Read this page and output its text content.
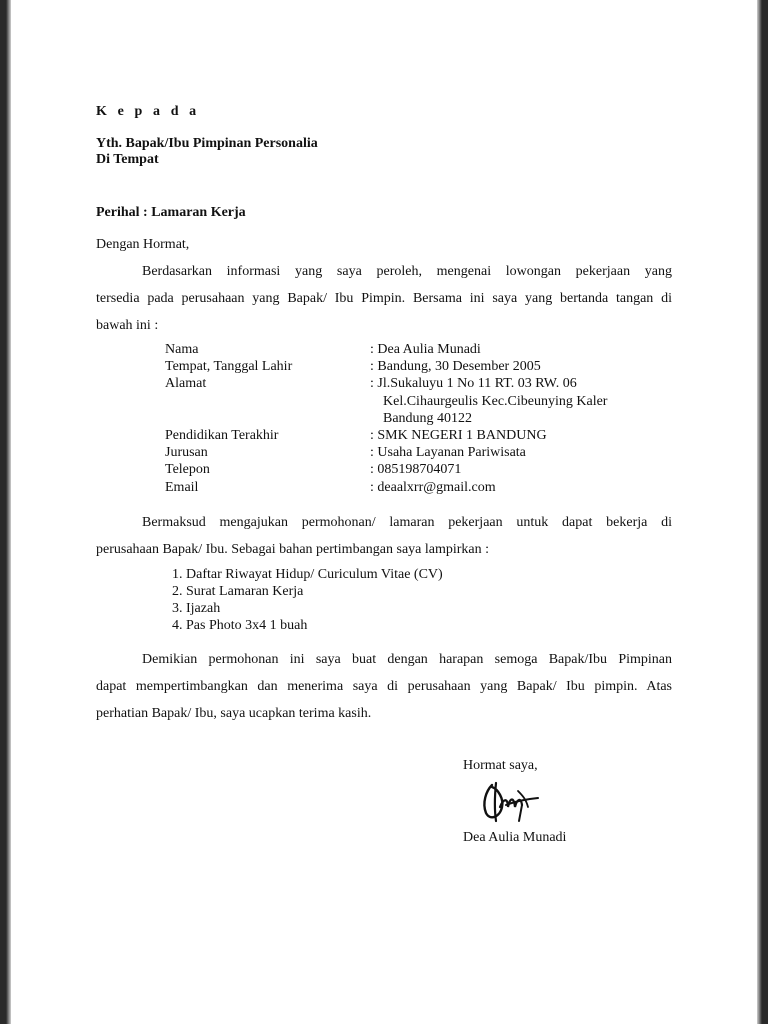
K e p a d a
Yth. Bapak/Ibu Pimpinan Personalia
Di Tempat
Perihal : Lamaran Kerja
Dengan Hormat,
Berdasarkan informasi yang saya peroleh, mengenai lowongan pekerjaan yang
tersedia pada perusahaan yang Bapak/ Ibu Pimpin. Bersama ini saya yang bertanda tangan di
bawah ini :
Nama	: Dea Aulia Munadi
Tempat, Tanggal Lahir	: Bandung, 30 Desember 2005
Alamat	: Jl.Sukaluyu 1 No 11 RT. 03 RW. 06
Kel.Cihaurgeulis Kec.Cibeunying Kaler
Bandung 40122
Pendidikan Terakhir	: SMK NEGERI 1 BANDUNG
Jurusan	: Usaha Layanan Pariwisata
Telepon	: 085198704071
Email	: deaalxrr@gmail.com
Bermaksud mengajukan permohonan/ lamaran pekerjaan untuk dapat bekerja di
perusahaan Bapak/ Ibu. Sebagai bahan pertimbangan saya lampirkan :
1. Daftar Riwayat Hidup/ Curiculum Vitae (CV)
2. Surat Lamaran Kerja
3. Ijazah
4. Pas Photo 3x4 1 buah
Demikian permohonan ini saya buat dengan harapan semoga Bapak/Ibu Pimpinan
dapat mempertimbangkan dan menerima saya di perusahaan yang Bapak/ Ibu pimpin. Atas
perhatian Bapak/ Ibu, saya ucapkan terima kasih.
Hormat saya,
Dea Aulia Munadi
